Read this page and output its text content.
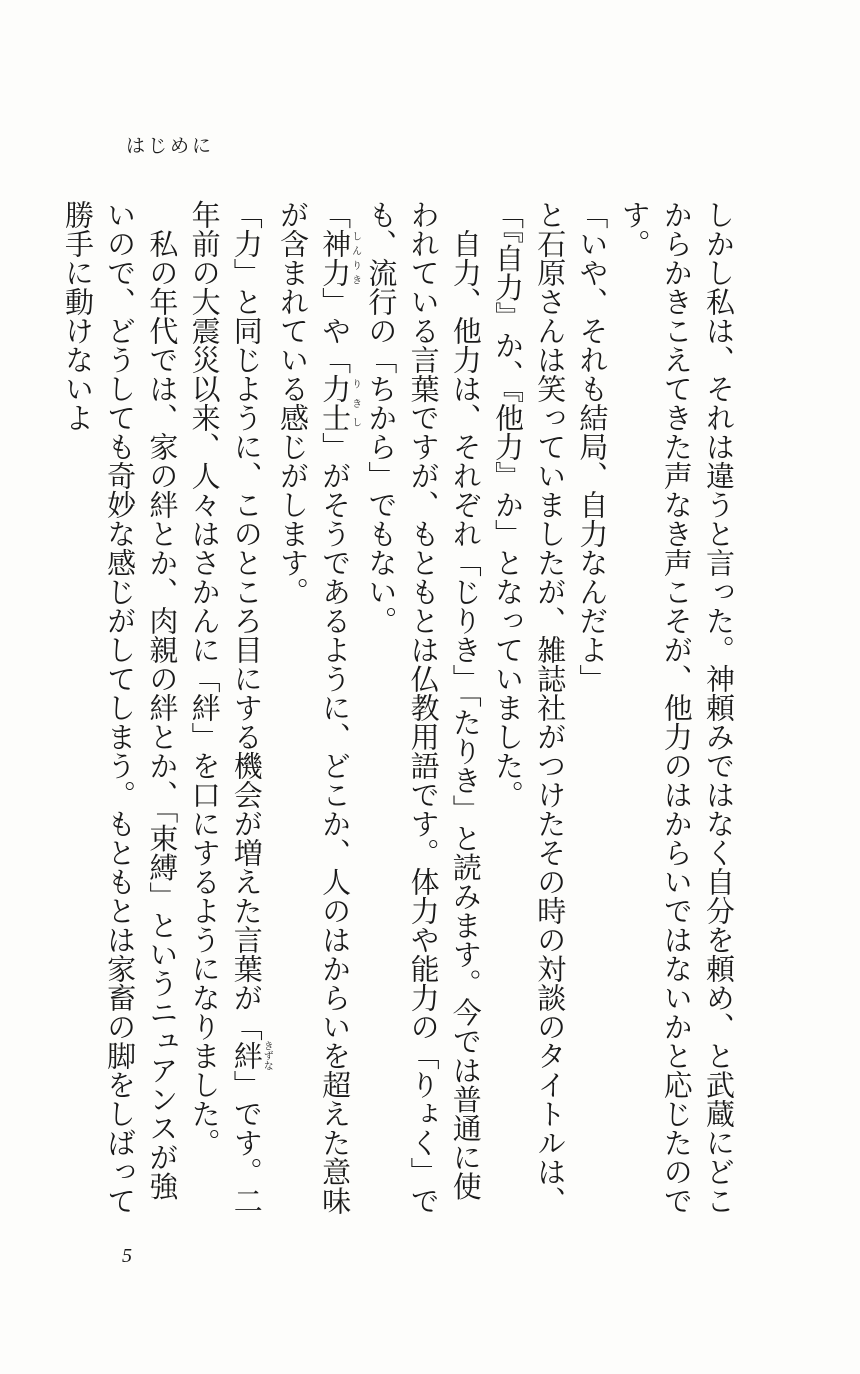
はじめに

しかし私は、それは違うと言った。神頼みではなく自分を頼め、と武蔵にどこからかきこえてきた声なき声こそが、他力のはからいではないかと応じたのです。

「いや、それも結局、自力なんだよ」

と石原さんは笑っていましたが、雑誌社がつけたその時の対談のタイトルは、「『自力』か、『他力』か」となっていました。

自力、他力は、それぞれ「じりき」「たりき」と読みます。今では普通に使われている言葉ですが、もともとは仏教用語です。体力や能力の「りょく」でも、流行の「ちから」でもない。

「神力しんりき」や「力士りきし」がそうであるように、どこか、人のはからいを超えた意味が含まれている感じがします。

「力」と同じように、このところ目にする機会が増えた言葉が「絆きずな」です。二年前の大震災以来、人々はさかんに「絆」を口にするようになりました。

私の年代では、家の絆とか、肉親の絆とか、「束縛」というニュアンスが強いので、どうしても奇妙な感じがしてしまう。もともとは家畜の脚をしばって勝手に動けないよ

5
